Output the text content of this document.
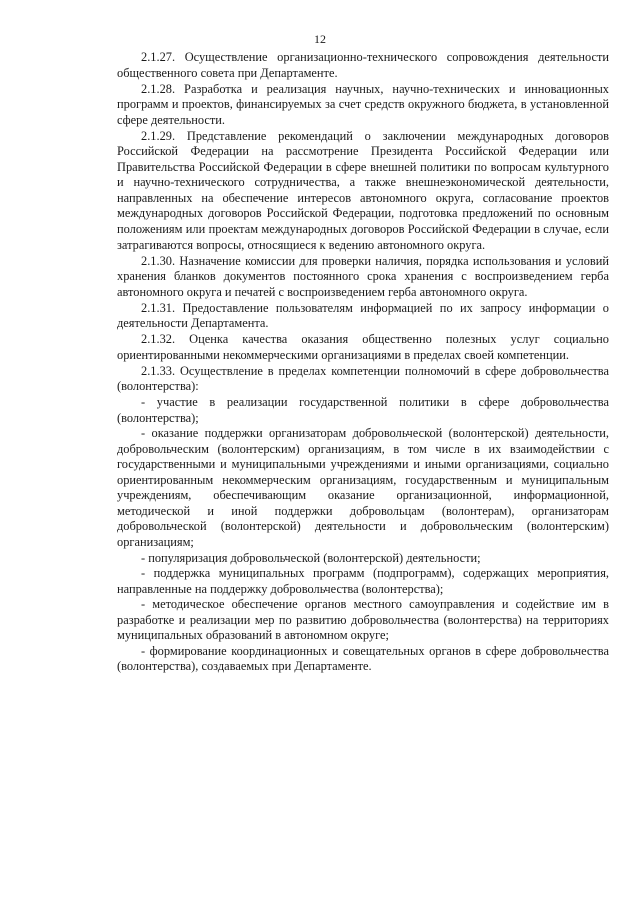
12

2.1.27. Осуществление организационно-технического сопровождения деятельности общественного совета при Департаменте.

2.1.28. Разработка и реализация научных, научно-технических и инновационных программ и проектов, финансируемых за счет средств окружного бюджета, в установленной сфере деятельности.

2.1.29. Представление рекомендаций о заключении международных договоров Российской Федерации на рассмотрение Президента Российской Федерации или Правительства Российской Федерации в сфере внешней политики по вопросам культурного и научно-технического сотрудничества, а также внешнеэкономической деятельности, направленных на обеспечение интересов автономного округа, согласование проектов международных договоров Российской Федерации, подготовка предложений по основным положениям или проектам международных договоров Российской Федерации в случае, если затрагиваются вопросы, относящиеся к ведению автономного округа.

2.1.30. Назначение комиссии для проверки наличия, порядка использования и условий хранения бланков документов постоянного срока хранения с воспроизведением герба автономного округа и печатей с воспроизведением герба автономного округа.

2.1.31. Предоставление пользователям информацией по их запросу информации о деятельности Департамента.

2.1.32. Оценка качества оказания общественно полезных услуг социально ориентированными некоммерческими организациями в пределах своей компетенции.

2.1.33. Осуществление в пределах компетенции полномочий в сфере добровольчества (волонтерства):

- участие в реализации государственной политики в сфере добровольчества (волонтерства);

- оказание поддержки организаторам добровольческой (волонтерской) деятельности, добровольческим (волонтерским) организациям, в том числе в их взаимодействии с государственными и муниципальными учреждениями и иными организациями, социально ориентированным некоммерческим организациям, государственным и муниципальным учреждениям, обеспечивающим оказание организационной, информационной, методической и иной поддержки добровольцам (волонтерам), организаторам добровольческой (волонтерской) деятельности и добровольческим (волонтерским) организациям;

- популяризация добровольческой (волонтерской) деятельности;

- поддержка муниципальных программ (подпрограмм), содержащих мероприятия, направленные на поддержку добровольчества (волонтерства);

- методическое обеспечение органов местного самоуправления и содействие им в разработке и реализации мер по развитию добровольчества (волонтерства) на территориях муниципальных образований в автономном округе;

- формирование координационных и совещательных органов в сфере добровольчества (волонтерства), создаваемых при Департаменте.
